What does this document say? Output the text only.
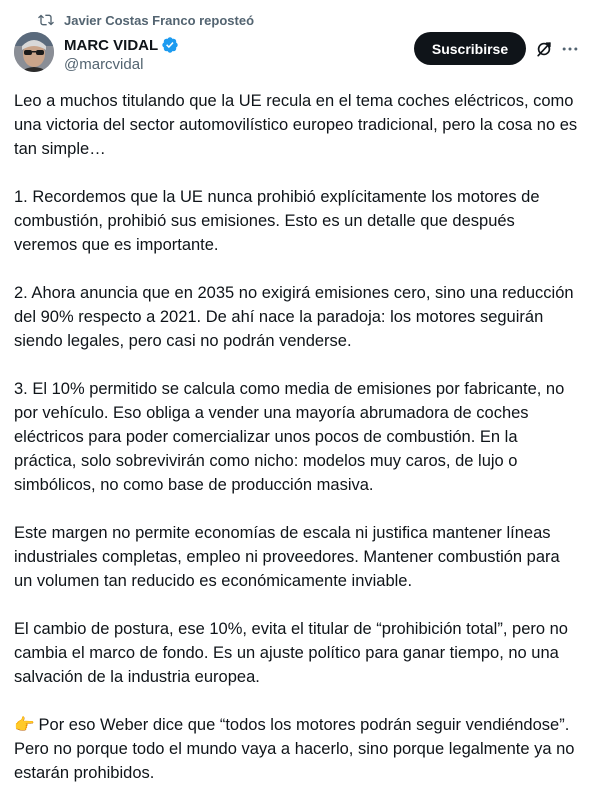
Javier Costas Franco reposteó
MARC VIDAL
@marcvidal
Suscribirse

Leo a muchos titulando que la UE recula en el tema coches eléctricos, como una victoria del sector automovilístico europeo tradicional, pero la cosa no es tan simple…

1. Recordemos que la UE nunca prohibió explícitamente los motores de combustión, prohibió sus emisiones. Esto es un detalle que después veremos que es importante.

2. Ahora anuncia que en 2035 no exigirá emisiones cero, sino una reducción del 90% respecto a 2021. De ahí nace la paradoja: los motores seguirán siendo legales, pero casi no podrán venderse.

3. El 10% permitido se calcula como media de emisiones por fabricante, no por vehículo. Eso obliga a vender una mayoría abrumadora de coches eléctricos para poder comercializar unos pocos de combustión. En la práctica, solo sobrevivirán como nicho: modelos muy caros, de lujo o simbólicos, no como base de producción masiva.

Este margen no permite economías de escala ni justifica mantener líneas industriales completas, empleo ni proveedores. Mantener combustión para un volumen tan reducido es económicamente inviable.

El cambio de postura, ese 10%, evita el titular de “prohibición total”, pero no cambia el marco de fondo. Es un ajuste político para ganar tiempo, no una salvación de la industria europea.

👉 Por eso Weber dice que “todos los motores podrán seguir vendiéndose”. Pero no porque todo el mundo vaya a hacerlo, sino porque legalmente ya no estarán prohibidos.
